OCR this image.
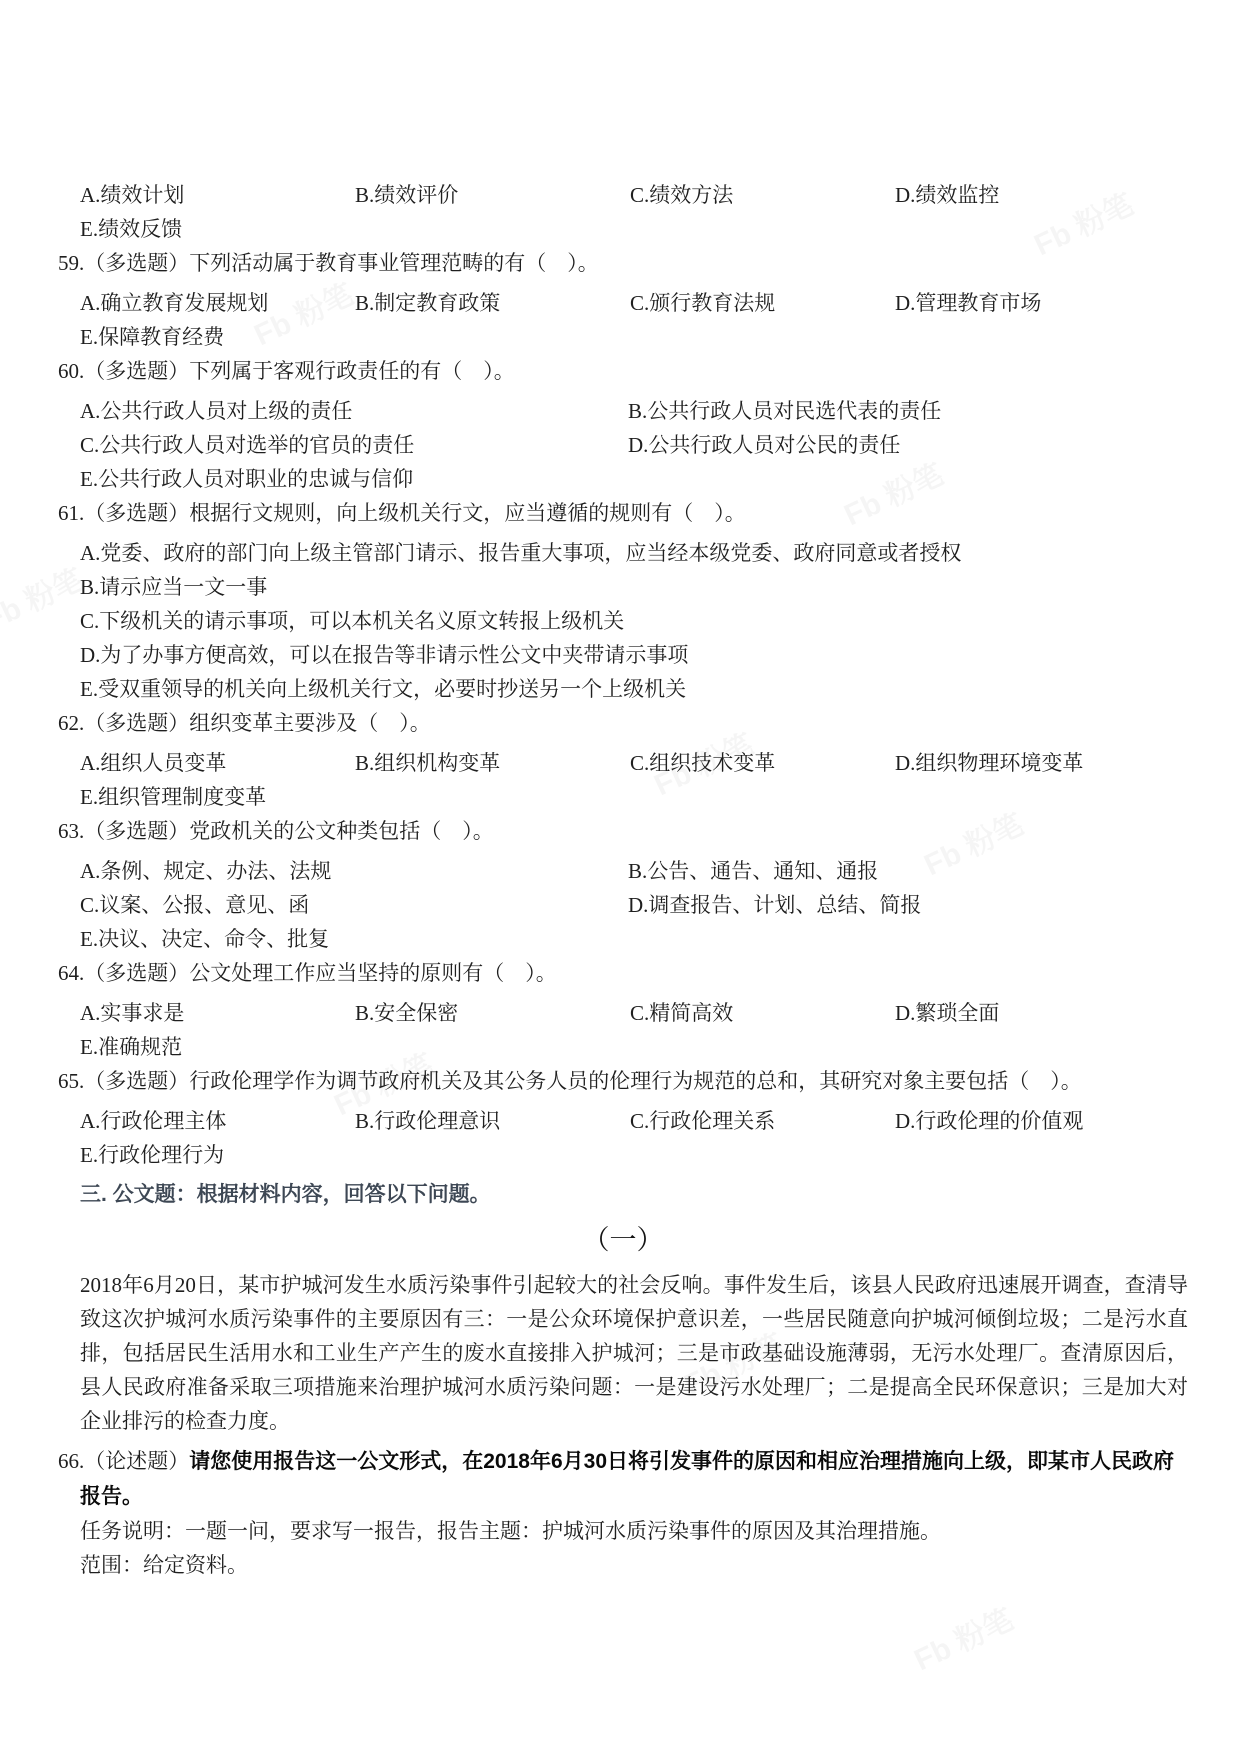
A.绩效计划	B.绩效评价	C.绩效方法	D.绩效监控
E.绩效反馈
59.（多选题）下列活动属于教育事业管理范畴的有（　）。
A.确立教育发展规划	B.制定教育政策	C.颁行教育法规	D.管理教育市场
E.保障教育经费
60.（多选题）下列属于客观行政责任的有（　）。
A.公共行政人员对上级的责任	B.公共行政人员对民选代表的责任
C.公共行政人员对选举的官员的责任	D.公共行政人员对公民的责任
E.公共行政人员对职业的忠诚与信仰
61.（多选题）根据行文规则，向上级机关行文，应当遵循的规则有（　）。
A.党委、政府的部门向上级主管部门请示、报告重大事项，应当经本级党委、政府同意或者授权
B.请示应当一文一事
C.下级机关的请示事项，可以本机关名义原文转报上级机关
D.为了办事方便高效，可以在报告等非请示性公文中夹带请示事项
E.受双重领导的机关向上级机关行文，必要时抄送另一个上级机关
62.（多选题）组织变革主要涉及（　）。
A.组织人员变革	B.组织机构变革	C.组织技术变革	D.组织物理环境变革
E.组织管理制度变革
63.（多选题）党政机关的公文种类包括（　）。
A.条例、规定、办法、法规	B.公告、通告、通知、通报
C.议案、公报、意见、函	D.调查报告、计划、总结、简报
E.决议、决定、命令、批复
64.（多选题）公文处理工作应当坚持的原则有（　）。
A.实事求是	B.安全保密	C.精简高效	D.繁琐全面
E.准确规范
65.（多选题）行政伦理学作为调节政府机关及其公务人员的伦理行为规范的总和，其研究对象主要包括（　）。
A.行政伦理主体	B.行政伦理意识	C.行政伦理关系	D.行政伦理的价值观
E.行政伦理行为
三. 公文题：根据材料内容，回答以下问题。
（一）

2018年6月20日，某市护城河发生水质污染事件引起较大的社会反响。事件发生后，该县人民政府迅速展开调查，查清导致这次护城河水质污染事件的主要原因有三：一是公众环境保护意识差，一些居民随意向护城河倾倒垃圾；二是污水直排，包括居民生活用水和工业生产产生的废水直接排入护城河；三是市政基础设施薄弱，无污水处理厂。查清原因后，县人民政府准备采取三项措施来治理护城河水质污染问题：一是建设污水处理厂；二是提高全民环保意识；三是加大对企业排污的检查力度。

66.（论述题）请您使用报告这一公文形式，在2018年6月30日将引发事件的原因和相应治理措施向上级，即某市人民政府报告。
任务说明：一题一问，要求写一报告，报告主题：护城河水质污染事件的原因及其治理措施。
范围：给定资料。
